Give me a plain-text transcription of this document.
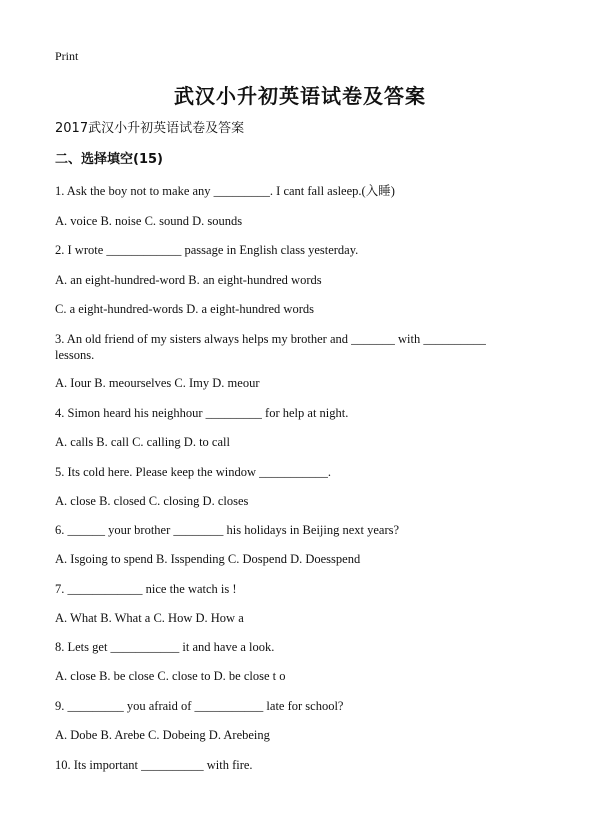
Print
武汉小升初英语试卷及答案
2017武汉小升初英语试卷及答案
二、选择填空(15)
1. Ask the boy not to make any _________. I cant fall asleep.(入睡)
A. voice B. noise C. sound D. sounds
2. I wrote ____________ passage in English class yesterday.
A. an eight-hundred-word B. an eight-hundred words
C. a eight-hundred-words D. a eight-hundred words
3. An old friend of my sisters always helps my brother and _______ with __________ lessons.
A. Iour B. meourselves C. Imy D. meour
4. Simon heard his neighhour _________ for help at night.
A. calls B. call C. calling D. to call
5. Its cold here. Please keep the window ___________.
A. close B. closed C. closing D. closes
6. ______ your brother ________ his holidays in Beijing next years?
A. Isgoing to spend B. Isspending C. Dospend D. Doesspend
7. ____________ nice the watch is !
A. What B. What a C. How D. How a
8. Lets get ___________ it and have a look.
A. close B. be close C. close to D. be close t o
9. _________ you afraid of ___________ late for school?
A. Dobe B. Arebe C. Dobeing D. Arebeing
10. Its important __________ with fire.
